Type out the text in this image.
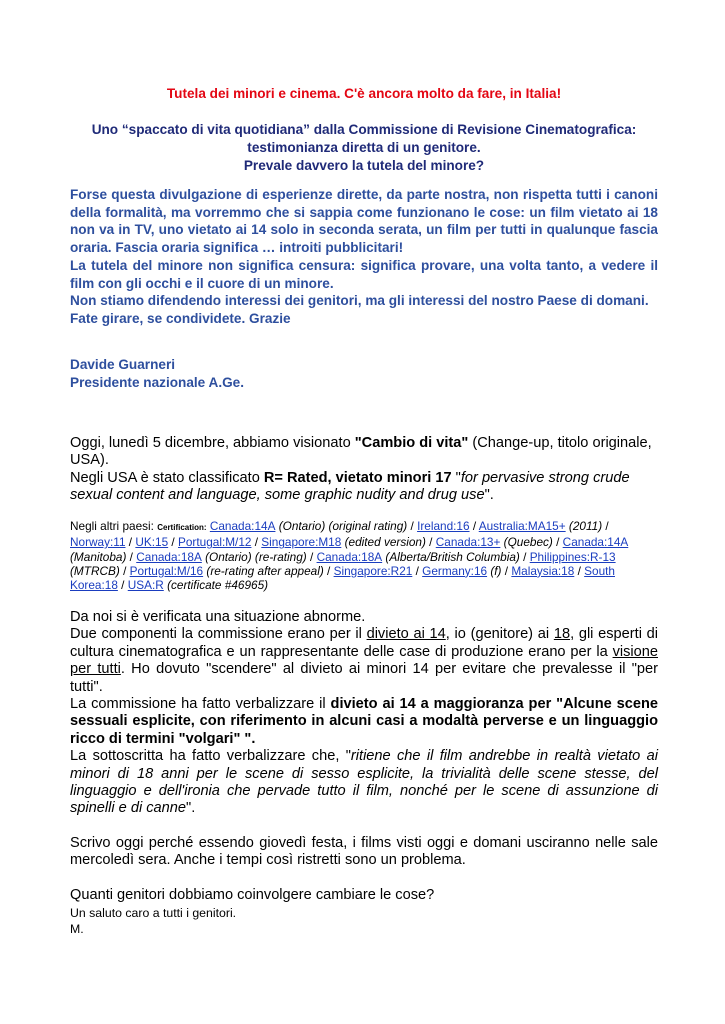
Tutela dei minori e cinema. C'è ancora molto da fare, in Italia!
Uno “spaccato di vita quotidiana” dalla Commissione di Revisione Cinematografica:
testimonianza diretta di un genitore.
Prevale davvero la tutela del minore?

Forse questa divulgazione di esperienze dirette, da parte nostra, non rispetta tutti i canoni della formalità, ma vorremmo che si sappia come funzionano le cose: un film vietato ai 18 non va in TV, uno vietato ai 14 solo in seconda serata, un film per tutti in qualunque fascia oraria. Fascia oraria significa … introiti pubblicitari!

La tutela del minore non significa censura: significa provare, una volta tanto, a vedere il film con gli occhi e il cuore di un minore.

Non stiamo difendendo interessi dei genitori, ma gli interessi del nostro Paese di domani.

Fate girare, se condividete. Grazie

Davide Guarneri
Presidente nazionale A.Ge.

Oggi, lunedì 5 dicembre, abbiamo visionato "Cambio di vita" (Change-up, titolo originale, USA).

Negli USA è stato classificato R= Rated, vietato minori 17 "for pervasive strong crude sexual content and language, some graphic nudity and drug use".

Negli altri paesi: Certification: Canada:14A (Ontario) (original rating) / Ireland:16 / Australia:MA15+ (2011) / Norway:11 / UK:15 / Portugal:M/12 / Singapore:M18 (edited version) / Canada:13+ (Quebec) / Canada:14A (Manitoba) / Canada:18A (Ontario) (re-rating) / Canada:18A (Alberta/British Columbia) / Philippines:R-13 (MTRCB) / Portugal:M/16 (re-rating after appeal) / Singapore:R21 / Germany:16 (f) / Malaysia:18 / South Korea:18 / USA:R (certificate #46965)

Da noi si è verificata una situazione abnorme.

Due componenti la commissione erano per il divieto ai 14, io (genitore) ai 18, gli esperti di cultura cinematografica e un rappresentante delle case di produzione erano per la visione per tutti. Ho dovuto "scendere" al divieto ai minori 14 per evitare che prevalesse il "per tutti".

La commissione ha fatto verbalizzare il divieto ai 14 a maggioranza per "Alcune scene sessuali esplicite, con riferimento in alcuni casi a modaltà perverse e un linguaggio ricco di termini "volgari" ".

La sottoscritta ha fatto verbalizzare che, "ritiene che il film andrebbe in realtà vietato ai minori di 18 anni per le scene di sesso esplicite, la trivialità delle scene stesse, del linguaggio e dell'ironia che pervade tutto il film, nonché per le scene di assunzione di spinelli e di canne".

Scrivo oggi perché essendo giovedì festa, i films visti oggi e domani usciranno nelle sale mercoledì sera. Anche i tempi così ristretti sono un problema.

Quanti genitori dobbiamo coinvolgere cambiare le cose?

Un saluto caro a tutti i genitori.
M.
